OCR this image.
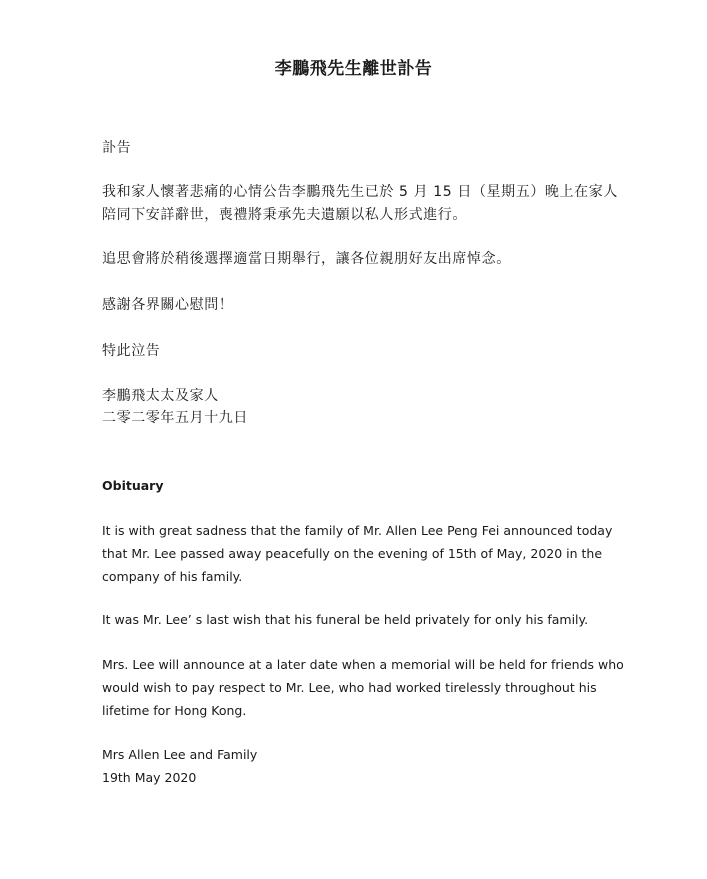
李鵬飛先生離世訃告
訃告
我和家人懷著悲痛的心情公告李鵬飛先生已於 5 月 15 日（星期五）晚上在家人
陪同下安詳辭世，喪禮將秉承先夫遺願以私人形式進行。
追思會將於稍後選擇適當日期舉行，讓各位親朋好友出席悼念。
感謝各界關心慰問！
特此泣告
李鵬飛太太及家人
二零二零年五月十九日
Obituary
It is with great sadness that the family of Mr. Allen Lee Peng Fei announced today
that Mr. Lee passed away peacefully on the evening of 15th of May, 2020 in the
company of his family.
It was Mr. Lee’ s last wish that his funeral be held privately for only his family.
Mrs. Lee will announce at a later date when a memorial will be held for friends who
would wish to pay respect to Mr. Lee, who had worked tirelessly throughout his
lifetime for Hong Kong.
Mrs Allen Lee and Family
19th May 2020
